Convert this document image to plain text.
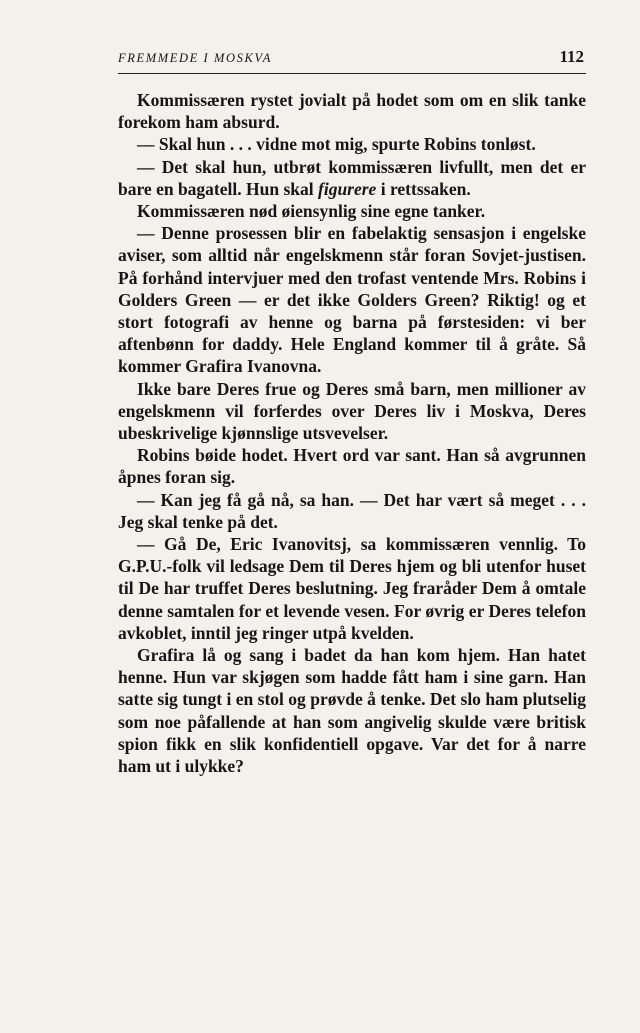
FREMMEDE I MOSKVA	112

Kommissæren rystet jovialt på hodet som om en slik tanke forekom ham absurd.

— Skal hun . . . vidne mot mig, spurte Robins tonløst.

— Det skal hun, utbrøt kommissæren livfullt, men det er bare en bagatell. Hun skal figurere i rettssaken.

Kommissæren nød øiensynlig sine egne tanker.

— Denne prosessen blir en fabelaktig sensasjon i engelske aviser, som alltid når engelskmenn står foran Sovjet-justisen. På forhånd intervjuer med den trofast ventende Mrs. Robins i Golders Green — er det ikke Golders Green? Riktig! og et stort fotografi av henne og barna på førstesiden: vi ber aftenbønn for daddy. Hele England kommer til å gråte. Så kommer Grafira Ivanovna.

Ikke bare Deres frue og Deres små barn, men millioner av engelskmenn vil forferdes over Deres liv i Moskva, Deres ubeskrivelige kjønnslige utsvevelser.

Robins bøide hodet. Hvert ord var sant. Han så avgrunnen åpnes foran sig.

— Kan jeg få gå nå, sa han. — Det har vært så meget . . . Jeg skal tenke på det.

— Gå De, Eric Ivanovitsj, sa kommissæren vennlig. To G.P.U.-folk vil ledsage Dem til Deres hjem og bli utenfor huset til De har truffet Deres beslutning. Jeg fraråder Dem å omtale denne samtalen for et levende vesen. For øvrig er Deres telefon avkoblet, inntil jeg ringer utpå kvelden.

Grafira lå og sang i badet da han kom hjem. Han hatet henne. Hun var skjøgen som hadde fått ham i sine garn. Han satte sig tungt i en stol og prøvde å tenke. Det slo ham plutselig som noe påfallende at han som angivelig skulde være britisk spion fikk en slik konfidentiell opgave. Var det for å narre ham ut i ulykke?
